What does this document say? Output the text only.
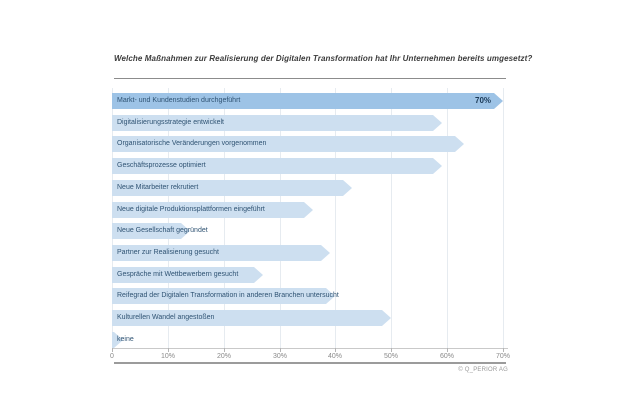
Welche Maßnahmen zur Realisierung der Digitalen Transformation hat Ihr Unternehmen bereits umgesetzt?
Markt- und Kundenstudien durchgeführt	70%
Digitalisierungsstrategie entwickelt
Organisatorische Veränderungen vorgenommen
Geschäftsprozesse optimiert
Neue Mitarbeiter rekrutiert
Neue digitale Produktionsplattformen eingeführt
Neue Gesellschaft gegründet
Partner zur Realisierung gesucht
Gespräche mit Wettbewerbern gesucht
Reifegrad der Digitalen Transformation in anderen Branchen untersucht
Kulturellen Wandel angestoßen
keine
0	10%	20%	30%	40%	50%	60%	70%
© Q_PERIOR AG
